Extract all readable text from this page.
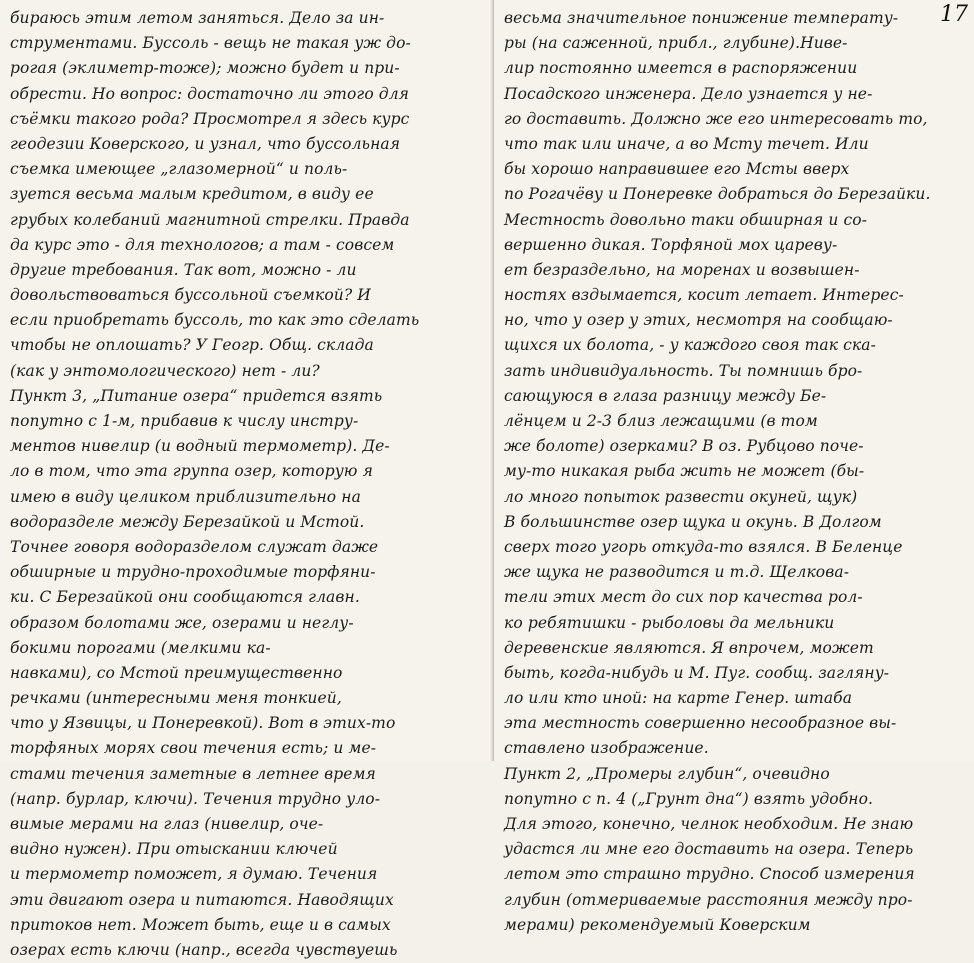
бираюсь этим летом заняться. Дело за ин-
струментами. Буссоль - вещь не такая уж до-
рогая (эклиметр-тоже); можно будет и при-
обрести. Но вопрос: достаточно ли этого для
съёмки такого рода? Просмотрел я здесь курс
геодезии Коверского, и узнал, что буссольная
съемка имеющее „глазомерной“ и поль-
зуется весьма малым кредитом, в виду ее
грубых колебаний магнитной стрелки. Правда
да курс это - для технологов; а там - совсем
другие требования. Так вот, можно - ли
довольствоваться буссольной съемкой? И
если приобретать буссоль, то как это сделать
чтобы не оплошать? У Геогр. Общ. склада
(как у энтомологического) нет - ли?
Пункт 3, „Питание озера“ придется взять
попутно с 1-м, прибавив к числу инстру-
ментов нивелир (и водный термометр). Де-
ло в том, что эта группа озер, которую я
имею в виду целиком приблизительно на
водоразделе между Березайкой и Мстой.
Точнее говоря водоразделом служат даже
обширные и трудно-проходимые торфяни-
ки. С Березайкой они сообщаются главн.
образом болотами же, озерами и неглу-
бокими порогами (мелкими ка-
навками), со Мстой преимущественно
речками (интересными меня тонкией,
что у Язвицы, и Понеревкой). Вот в этих-то
торфяных морях свои течения есть; и ме-
стами течения заметные в летнее время
(напр. бурлар, ключи). Течения трудно уло-
вимые мерами на глаз (нивелир, оче-
видно нужен). При отыскании ключей
и термометр поможет, я думаю. Течения
эти двигают озера и питаются. Наводящих
притоков нет. Может быть, еще и в самых
озерах есть ключи (напр., всегда чувствуешь
17
весьма значительное понижение температу-
ры (на саженной, прибл., глубине).Ниве-
лир постоянно имеется в распоряжении
Посадского инженера. Дело узнается у не-
го доставить. Должно же его интересовать то,
что так или иначе, а во Мсту течет. Или
бы хорошо направившее его Мсты вверх
по Рогачёву и Понеревке добраться до Березайки.
Местность довольно таки обширная и со-
вершенно дикая. Торфяной мох цареву-
ет безраздельно, на моренах и возвышен-
ностях вздымается, косит летает. Интерес-
но, что у озер у этих, несмотря на сообщаю-
щихся их болота, - у каждого своя так ска-
зать индивидуальность. Ты помнишь бро-
сающуюся в глаза разницу между Бе-
лёнцем и 2-3 близ лежащими (в том
же болоте) озерками? В оз. Рубцово поче-
му-то никакая рыба жить не может (бы-
ло много попыток развести окуней, щук)
В большинстве озер щука и окунь. В Долгом
сверх того угорь откуда-то взялся. В Беленце
же щука не разводится и т.д. Щелкова-
тели этих мест до сих пор качества рол-
ко ребятишки - рыболовы да мельники
деревенские являются. Я впрочем, может
быть, когда-нибудь и М. Пуг. сообщ. загляну-
ло или кто иной: на карте Генер. штаба
эта местность совершенно несообразное вы-
ставлено изображение.
Пункт 2, „Промеры глубин“, очевидно
попутно с п. 4 („Грунт дна“) взять удобно.
Для этого, конечно, челнок необходим. Не знаю
удастся ли мне его доставить на озера. Теперь
летом это страшно трудно. Способ измерения
глубин (отмериваемые расстояния между про-
мерами) рекомендуемый Коверским
